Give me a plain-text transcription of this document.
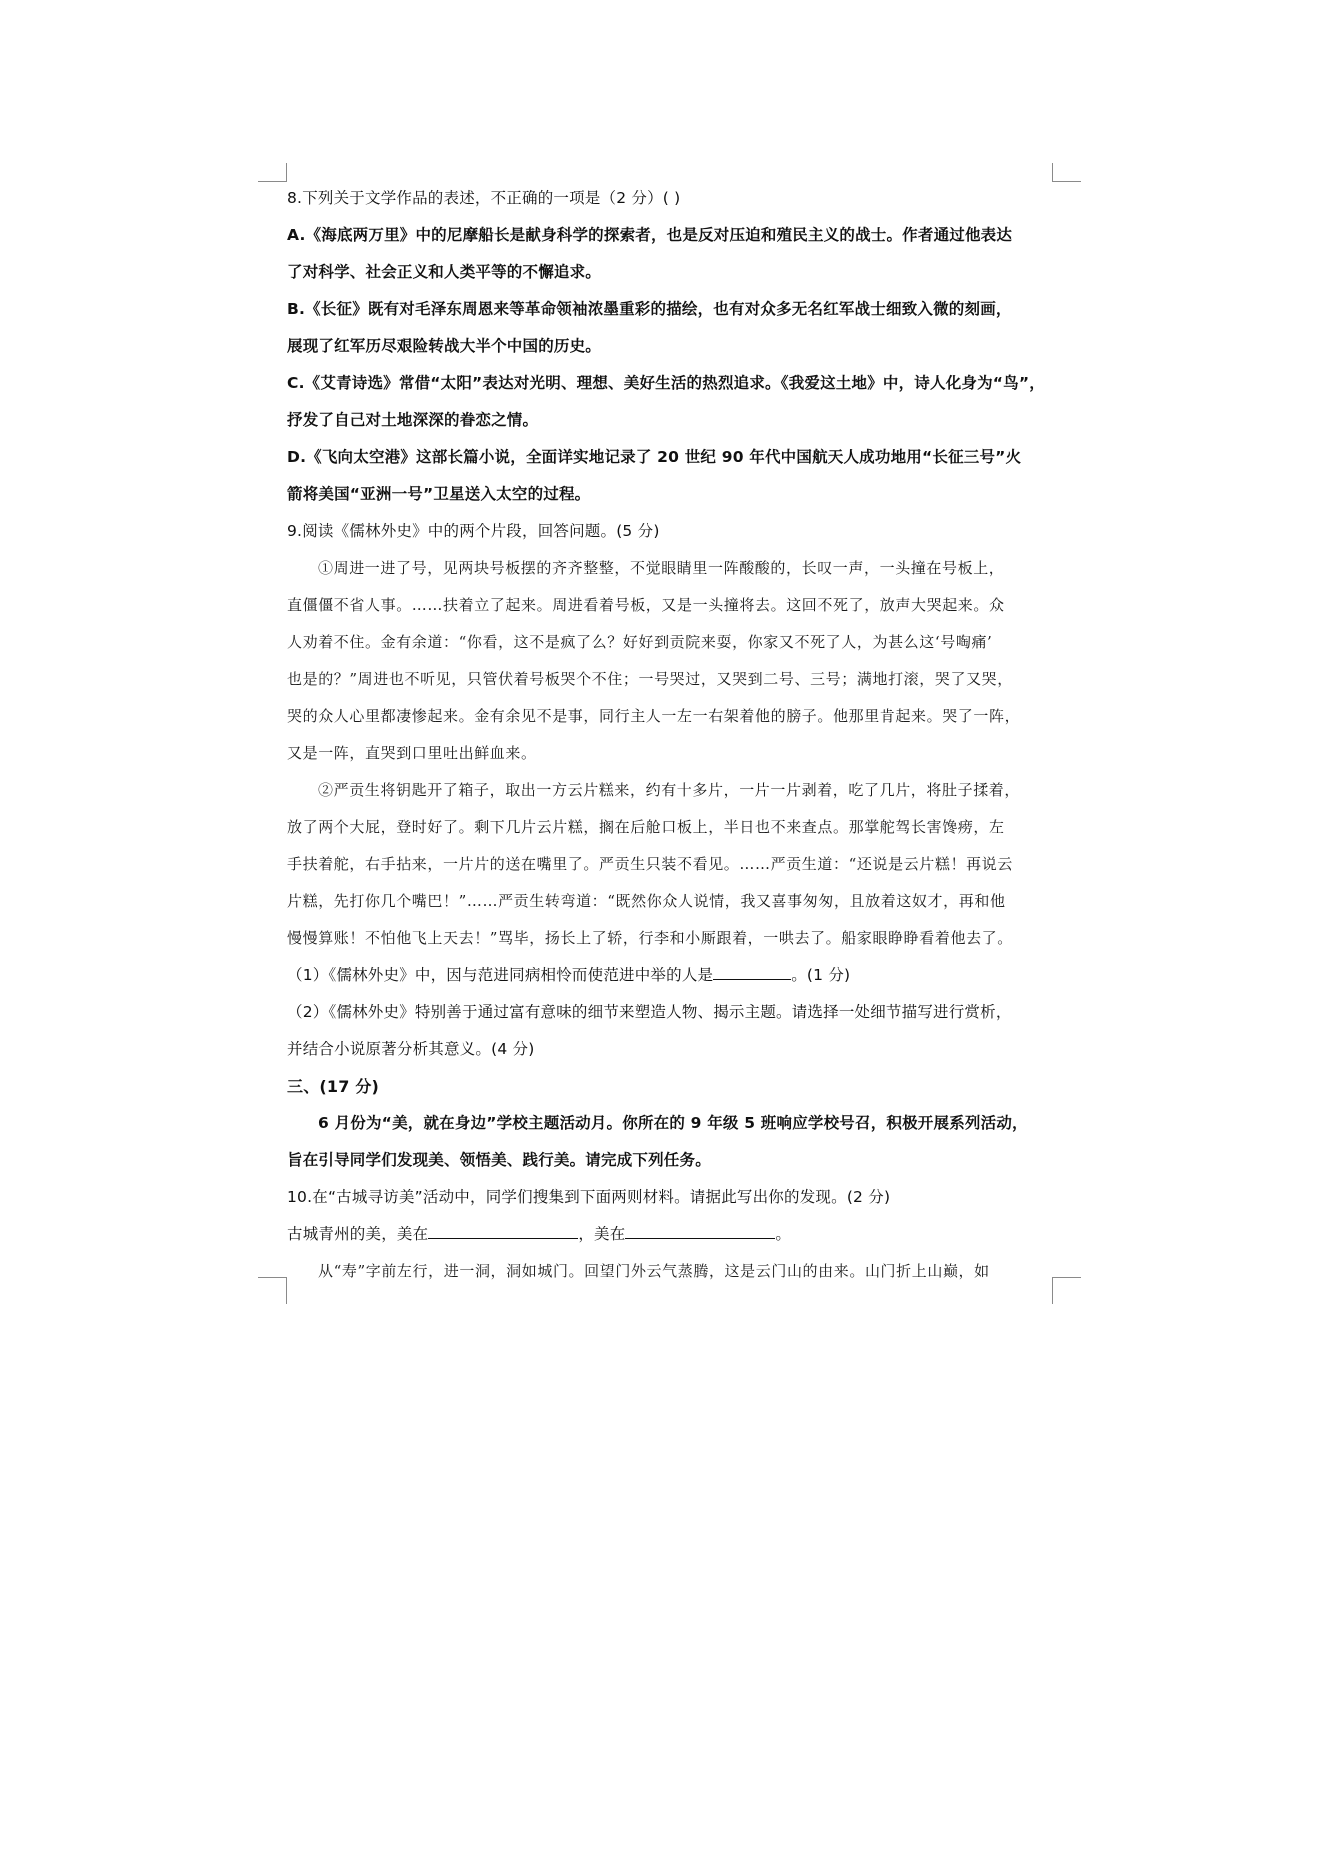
8.下列关于文学作品的表述，不正确的一项是（2 分）( )
A.《海底两万里》中的尼摩船长是献身科学的探索者，也是反对压迫和殖民主义的战士。作者通过他表达
了对科学、社会正义和人类平等的不懈追求。
B.《长征》既有对毛泽东周恩来等革命领袖浓墨重彩的描绘，也有对众多无名红军战士细致入微的刻画，
展现了红军历尽艰险转战大半个中国的历史。
C.《艾青诗选》常借“太阳”表达对光明、理想、美好生活的热烈追求。《我爱这土地》中，诗人化身为“鸟”，
抒发了自己对土地深深的眷恋之情。
D.《飞向太空港》这部长篇小说，全面详实地记录了 20 世纪 90 年代中国航天人成功地用“长征三号”火
箭将美国“亚洲一号”卫星送入太空的过程。
9.阅读《儒林外史》中的两个片段，回答问题。(5 分)
①周进一进了号，见两块号板摆的齐齐整整，不觉眼睛里一阵酸酸的，长叹一声，一头撞在号板上，
直僵僵不省人事。……扶着立了起来。周进看着号板，又是一头撞将去。这回不死了，放声大哭起来。众
人劝着不住。金有余道：“你看，这不是疯了么？好好到贡院来耍，你家又不死了人，为甚么这‘号啕痛’
也是的？”周进也不听见，只管伏着号板哭个不住；一号哭过，又哭到二号、三号；满地打滚，哭了又哭，
哭的众人心里都凄惨起来。金有余见不是事，同行主人一左一右架着他的膀子。他那里肯起来。哭了一阵，
又是一阵，直哭到口里吐出鲜血来。
②严贡生将钥匙开了箱子，取出一方云片糕来，约有十多片，一片一片剥着，吃了几片，将肚子揉着，
放了两个大屁，登时好了。剩下几片云片糕，搁在后舱口板上，半日也不来查点。那掌舵驾长害馋痨，左
手扶着舵，右手拈来，一片片的送在嘴里了。严贡生只装不看见。……严贡生道：“还说是云片糕！再说云
片糕，先打你几个嘴巴！”……严贡生转弯道：“既然你众人说情，我又喜事匆匆，且放着这奴才，再和他
慢慢算账！不怕他飞上天去！”骂毕，扬长上了轿，行李和小厮跟着，一哄去了。船家眼睁睁看着他去了。
（1）《儒林外史》中，因与范进同病相怜而使范进中举的人是	。(1 分)
（2）《儒林外史》特别善于通过富有意味的细节来塑造人物、揭示主题。请选择一处细节描写进行赏析，
并结合小说原著分析其意义。(4 分)
三、(17 分)
6 月份为“美，就在身边”学校主题活动月。你所在的 9 年级 5 班响应学校号召，积极开展系列活动，
旨在引导同学们发现美、领悟美、践行美。请完成下列任务。
10.在“古城寻访美”活动中，同学们搜集到下面两则材料。请据此写出你的发现。(2 分)
古城青州的美，美在	，美在	。
从“寿”字前左行，进一洞，洞如城门。回望门外云气蒸腾，这是云门山的由来。山门折上山巅，如
